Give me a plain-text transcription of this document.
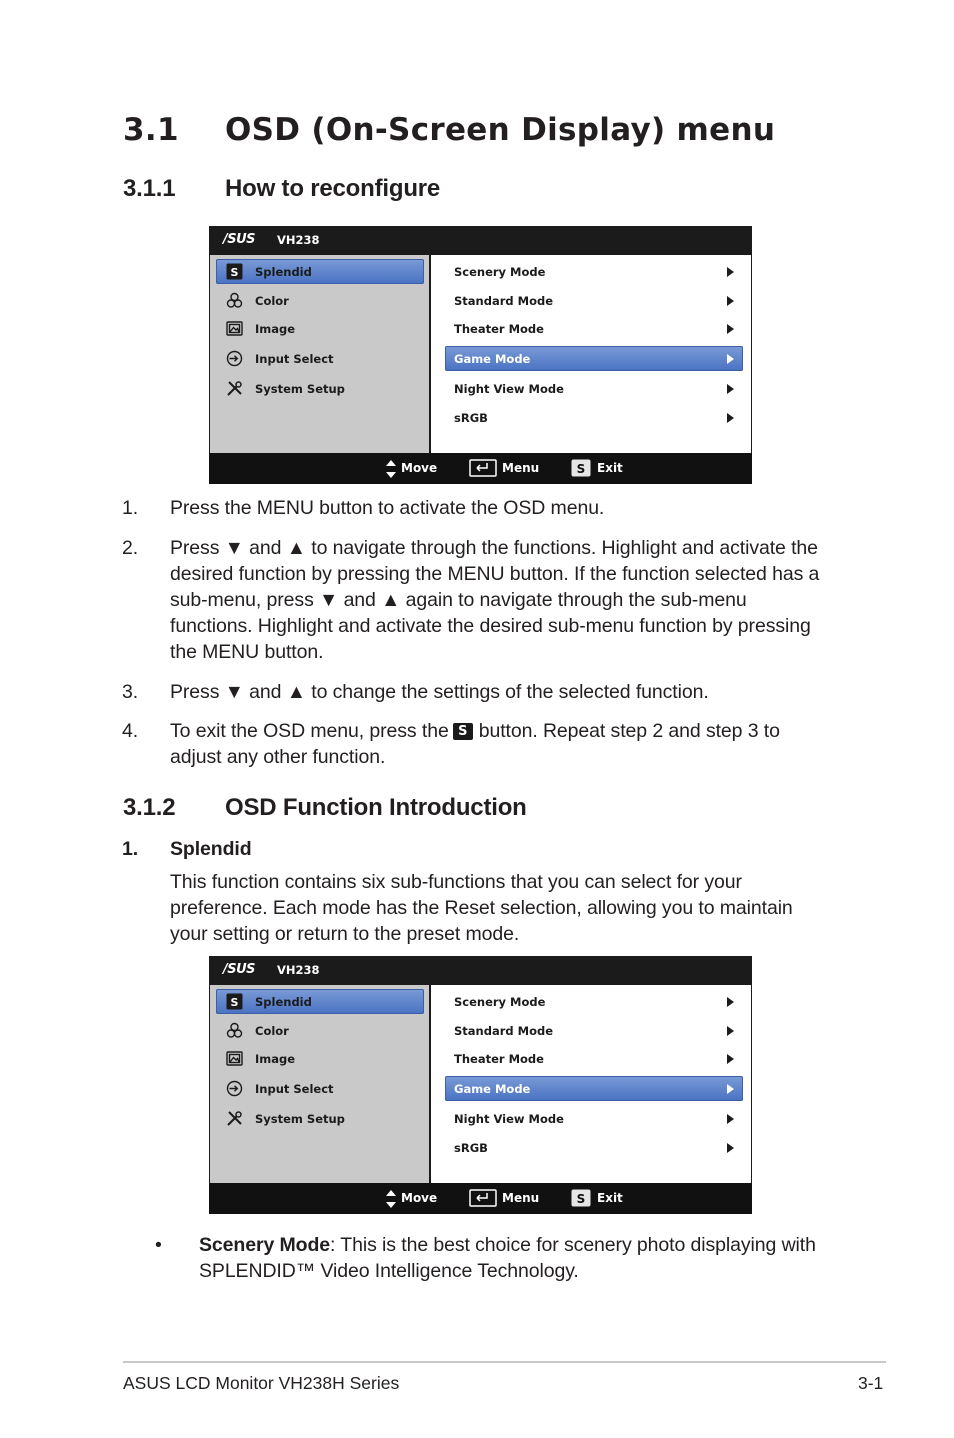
3.1 OSD (On-Screen Display) menu
3.1.1 How to reconfigure
/SUS VH238
S Splendid
Color
Image
Input Select
System Setup
Scenery Mode
Standard Mode
Theater Mode
Game Mode
Night View Mode
sRGB
Move	Menu	S Exit
1. Press the MENU button to activate the OSD menu.
2. Press ▼ and ▲ to navigate through the functions. Highlight and activate the desired function by pressing the MENU button. If the function selected has a sub-menu, press ▼ and ▲ again to navigate through the sub-menu functions. Highlight and activate the desired sub-menu function by pressing the MENU button.
3. Press ▼ and ▲ to change the settings of the selected function.
4. To exit the OSD menu, press the S button. Repeat step 2 and step 3 to adjust any other function.
3.1.2 OSD Function Introduction
1. Splendid
This function contains six sub-functions that you can select for your preference. Each mode has the Reset selection, allowing you to maintain your setting or return to the preset mode.
/SUS VH238
S Splendid
Color
Image
Input Select
System Setup
Scenery Mode
Standard Mode
Theater Mode
Game Mode
Night View Mode
sRGB
Move	Menu	S Exit
• Scenery Mode: This is the best choice for scenery photo displaying with SPLENDID™ Video Intelligence Technology.
ASUS LCD Monitor VH238H Series	3-1
